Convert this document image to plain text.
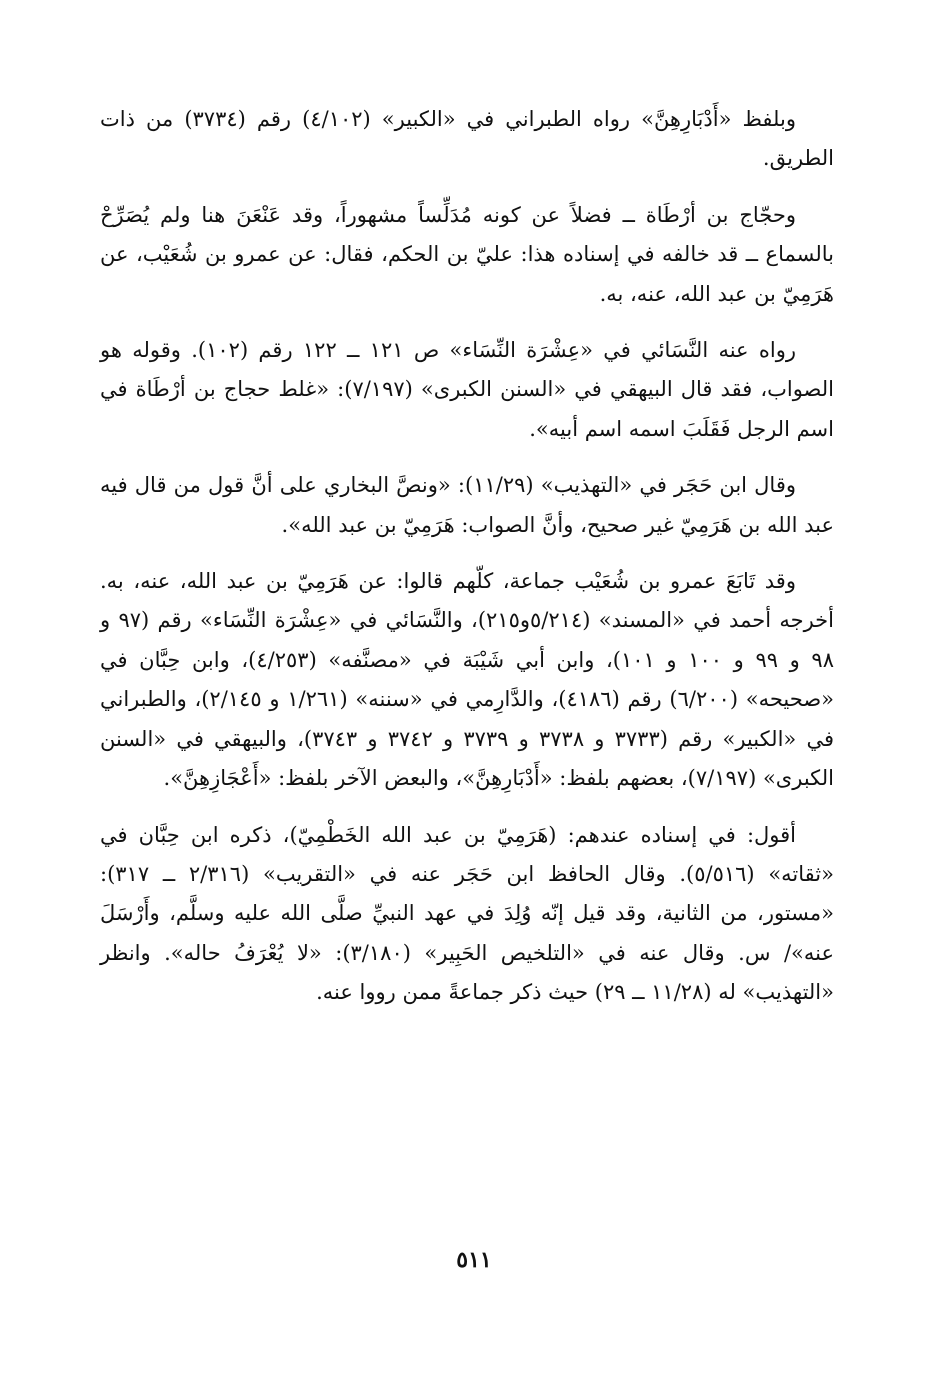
وبلفظ «أَدْبَارِهِنَّ» رواه الطبراني في «الكبير» (٤/١٠٢) رقم (٣٧٣٤) من ذات الطريق.

وحجّاج بن أرْطَاة ــ فضلاً عن كونه مُدَلِّساً مشهوراً، وقد عَنْعَنَ هنا ولم يُصَرِّحْ بالسماع ــ قد خالفه في إسناده هذا: عليّ بن الحكم، فقال: عن عمرو بن شُعَيْب، عن هَرَمِيّ بن عبد الله، عنه، به.

رواه عنه النَّسَائي في «عِشْرَة النِّسَاء» ص ١٢١ ــ ١٢٢ رقم (١٠٢). وقوله هو الصواب، فقد قال البيهقي في «السنن الكبرى» (٧/١٩٧): «غلط حجاج بن أرْطَاة في اسم الرجل فَقَلَبَ اسمه اسم أبيه».

وقال ابن حَجَر في «التهذيب» (١١/٢٩): «ونصَّ البخاري على أنَّ قول من قال فيه عبد الله بن هَرَمِيّ غير صحيح، وأنَّ الصواب: هَرَمِيّ بن عبد الله».

وقد تَابَعَ عمرو بن شُعَيْب جماعة، كلّهم قالوا: عن هَرَمِيّ بن عبد الله، عنه، به. أخرجه أحمد في «المسند» (٥/٢١٤و٢١٥)، والنَّسَائي في «عِشْرَة النِّسَاء» رقم (٩٧ و ٩٨ و ٩٩ و ١٠٠ و ١٠١)، وابن أبي شَيْبَة في «مصنَّفه» (٤/٢٥٣)، وابن حِبَّان في «صحيحه» (٦/٢٠٠) رقم (٤١٨٦)، والدَّارِمي في «سننه» (١/٢٦١ و ٢/١٤٥)، والطبراني في «الكبير» رقم (٣٧٣٣ و ٣٧٣٨ و ٣٧٣٩ و ٣٧٤٢ و ٣٧٤٣)، والبيهقي في «السنن الكبرى» (٧/١٩٧)، بعضهم بلفظ: «أَدْبَارِهِنَّ»، والبعض الآخر بلفظ: «أَعْجَازِهِنَّ».

أقول: في إسناده عندهم: (هَرَمِيّ بن عبد الله الخَطْمِيّ)، ذكره ابن حِبَّان في «ثقاته» (٥/٥١٦). وقال الحافظ ابن حَجَر عنه في «التقريب» (٢/٣١٦ ــ ٣١٧): «مستور، من الثانية، وقد قيل إنّه وُلِدَ في عهد النبيِّ صلَّى الله عليه وسلَّم، وأَرْسَلَ عنه»/ س. وقال عنه في «التلخيص الحَبِير» (٣/١٨٠): «لا يُعْرَفُ حاله». وانظر «التهذيب» له (١١/٢٨ ــ ٢٩) حيث ذكر جماعةً ممن رووا عنه.

٥١١
